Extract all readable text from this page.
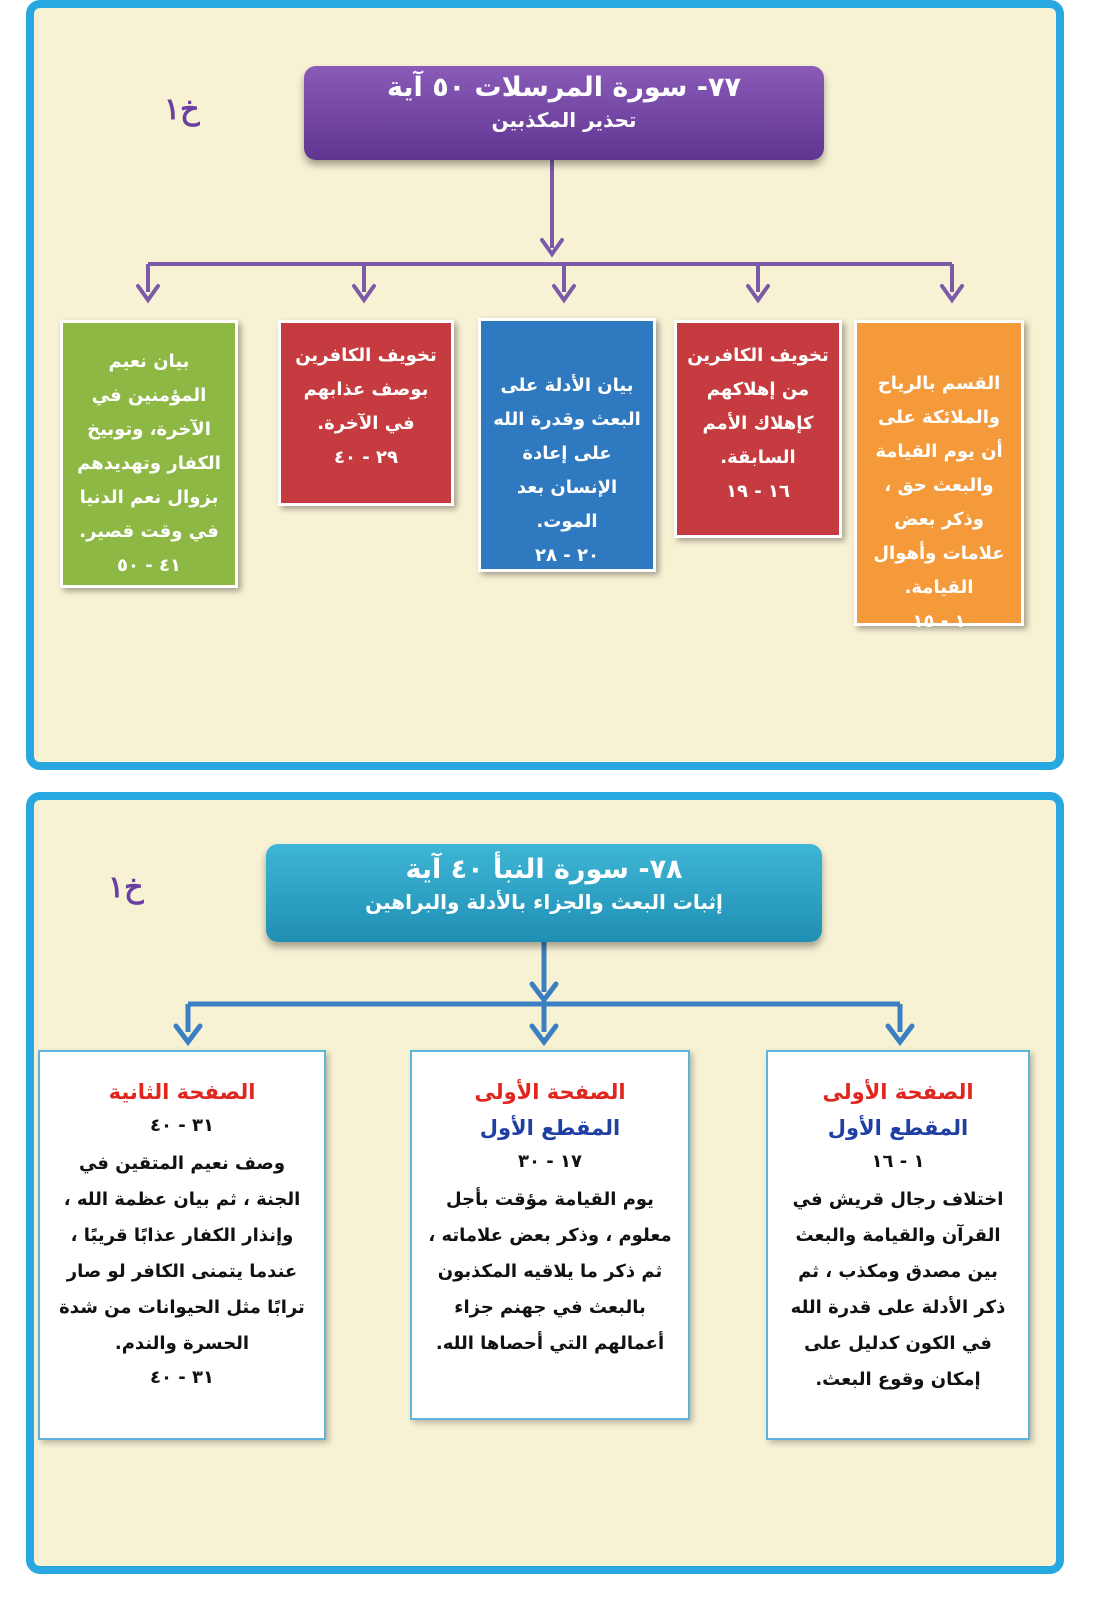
خ١
٧٧- سورة المرسلات ٥٠ آية
تحذير المكذبين
القسم بالرياح والملائكة على أن يوم القيامة والبعث حق ، وذكر بعض علامات وأهوال القيامة.
١ - ١٥
تخويف الكافرين من إهلاكهم كإهلاك الأمم السابقة.
١٦ - ١٩
بيان الأدلة على البعث وقدرة الله على إعادة الإنسان بعد الموت.
٢٠ - ٢٨
تخويف الكافرين بوصف عذابهم في الآخرة.
٢٩ - ٤٠
بيان نعيم المؤمنين في الآخرة، وتوبيخ الكفار وتهديدهم بزوال نعم الدنيا في وقت قصير.
٤١ - ٥٠
خ١
٧٨- سورة النبأ ٤٠ آية
إثبات البعث والجزاء بالأدلة والبراهين
الصفحة الأولى
المقطع الأول
١ - ١٦
اختلاف رجال قريش في القرآن والقيامة والبعث بين مصدق ومكذب ، ثم ذكر الأدلة على قدرة الله في الكون كدليل على إمكان وقوع البعث.
الصفحة الأولى
المقطع الأول
١٧ - ٣٠
يوم القيامة مؤقت بأجل معلوم ، وذكر بعض علاماته ، ثم ذكر ما يلاقيه المكذبون بالبعث في جهنم جزاء أعمالهم التي أحصاها الله.
الصفحة الثانية
٣١ - ٤٠
وصف نعيم المتقين في الجنة ، ثم بيان عظمة الله ، وإنذار الكفار عذابًا قريبًا ، عندما يتمنى الكافر لو صار ترابًا مثل الحيوانات من شدة الحسرة والندم.
٣١ - ٤٠
